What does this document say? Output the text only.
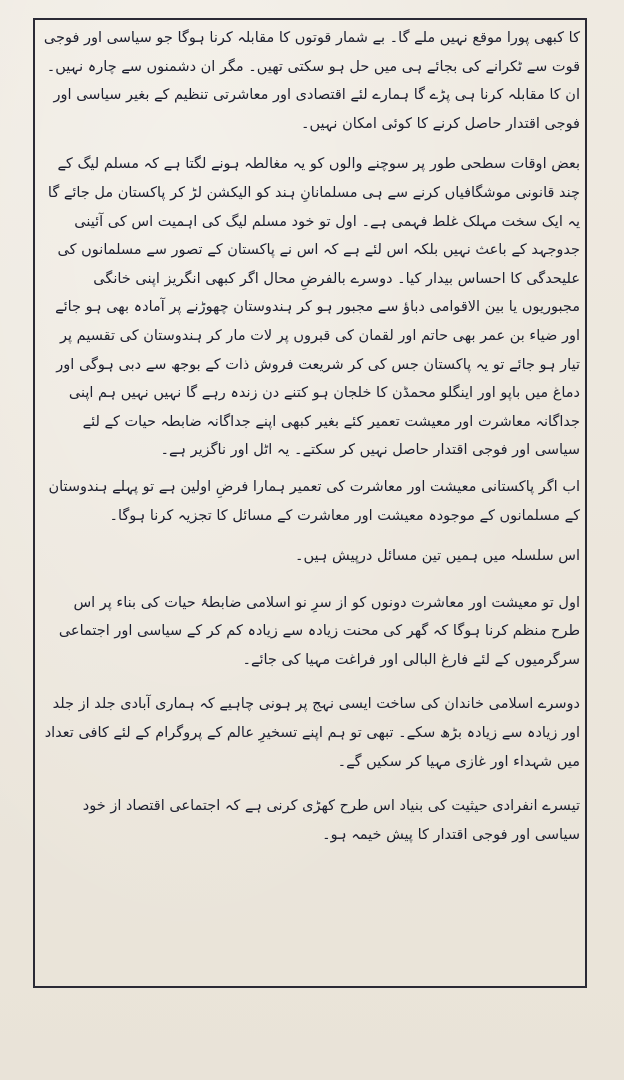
کا کبھی پورا موقع نہیں ملے گا۔ بے شمار قوتوں کا مقابلہ کرنا ہوگا جو سیاسی اور فوجی قوت سے ٹکرانے کی بجائے ہی میں حل ہو سکتی تھیں۔ مگر ان دشمنوں سے چارہ نہیں۔ ان کا مقابلہ کرنا ہی پڑے گا ہمارے لئے اقتصادی اور معاشرتی تنظیم کے بغیر سیاسی اور فوجی اقتدار حاصل کرنے کا کوئی امکان نہیں۔

بعض اوقات سطحی طور پر سوچنے والوں کو یہ مغالطہ ہونے لگتا ہے کہ مسلم لیگ کے چند قانونی موشگافیاں کرنے سے ہی مسلمانانِ ہند کو الیکشن لڑ کر پاکستان مل جائے گا یہ ایک سخت مہلک غلط فہمی ہے۔ اول تو خود مسلم لیگ کی اہمیت اس کی آئینی جدوجہد کے باعث نہیں بلکہ اس لئے ہے کہ اس نے پاکستان کے تصور سے مسلمانوں کی علیحدگی کا احساس بیدار کیا۔ دوسرے بالفرضِ محال اگر کبھی انگریز اپنی خانگی مجبوریوں یا بین الاقوامی دباؤ سے مجبور ہو کر ہندوستان چھوڑنے پر آمادہ بھی ہو جائے اور ضیاء بن عمر بھی حاتم اور لقمان کی قبروں پر لات مار کر ہندوستان کی تقسیم پر تیار ہو جائے تو یہ پاکستان جس کی کر شریعت فروش ذات کے بوجھ سے دبی ہوگی اور دماغ میں باپو اور اینگلو محمڈن کا خلجان ہو کتنے دن زندہ رہے گا نہیں نہیں ہم اپنی جداگانہ معاشرت اور معیشت تعمیر کئے بغیر کبھی اپنے جداگانہ ضابطہ حیات کے لئے سیاسی اور فوجی اقتدار حاصل نہیں کر سکتے۔ یہ اٹل اور ناگزیر ہے۔

اب اگر پاکستانی معیشت اور معاشرت کی تعمیر ہمارا فرضِ اولین ہے تو پہلے ہندوستان کے مسلمانوں کے موجودہ معیشت اور معاشرت کے مسائل کا تجزیہ کرنا ہوگا۔

اس سلسلہ میں ہمیں تین مسائل درپیش ہیں۔

اول تو معیشت اور معاشرت دونوں کو از سرِ نو اسلامی ضابطۂ حیات کی بناء پر اس طرح منظم کرنا ہوگا کہ گھر کی محنت زیادہ سے زیادہ کم کر کے سیاسی اور اجتماعی سرگرمیوں کے لئے فارغ البالی اور فراغت مہیا کی جائے۔

دوسرے اسلامی خاندان کی ساخت ایسی نہج پر ہونی چاہیے کہ ہماری آبادی جلد از جلد اور زیادہ سے زیادہ بڑھ سکے۔ تبھی تو ہم اپنے تسخیرِ عالم کے پروگرام کے لئے کافی تعداد میں شہداء اور غازی مہیا کر سکیں گے۔

تیسرے انفرادی حیثیت کی بنیاد اس طرح کھڑی کرنی ہے کہ اجتماعی اقتصاد از خود سیاسی اور فوجی اقتدار کا پیش خیمہ ہو۔
